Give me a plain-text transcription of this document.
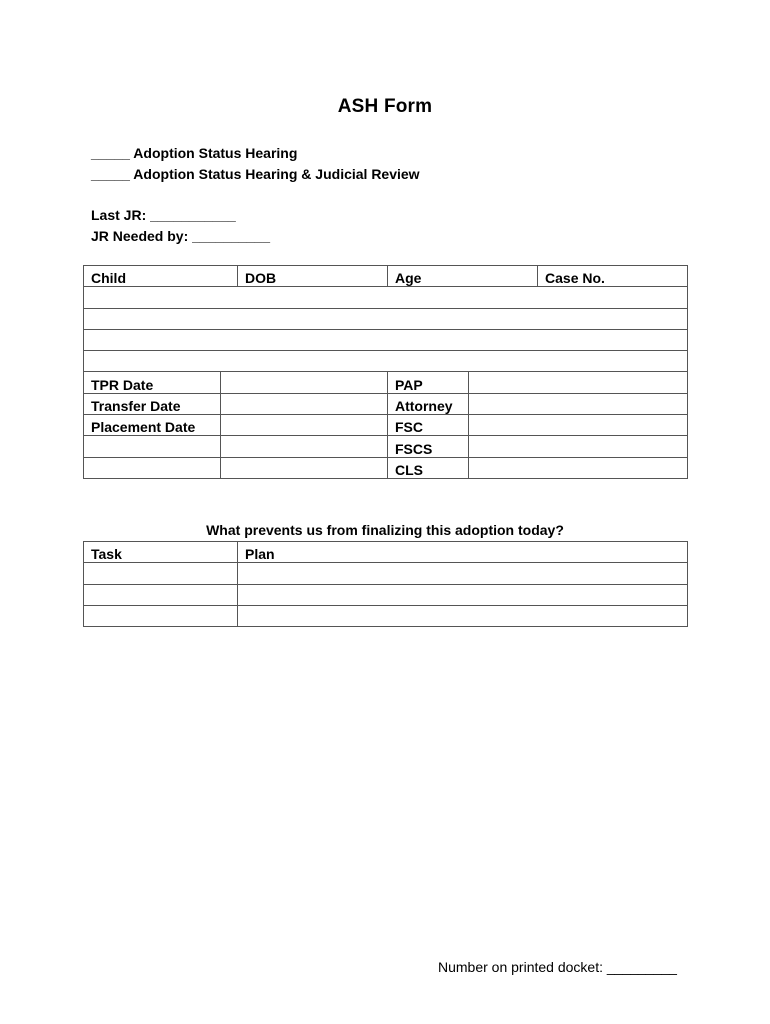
ASH Form
_____ Adoption Status Hearing
_____ Adoption Status Hearing & Judicial Review
Last JR: ___________
JR Needed by: __________
Child		DOB	Age		Case No.

TPR Date			PAP		
Transfer Date			Attorney		
Placement Date			FSC		
			FSCS		
			CLS		
What prevents us from finalizing this adoption today?
Task	Plan

Number on printed docket: _________
